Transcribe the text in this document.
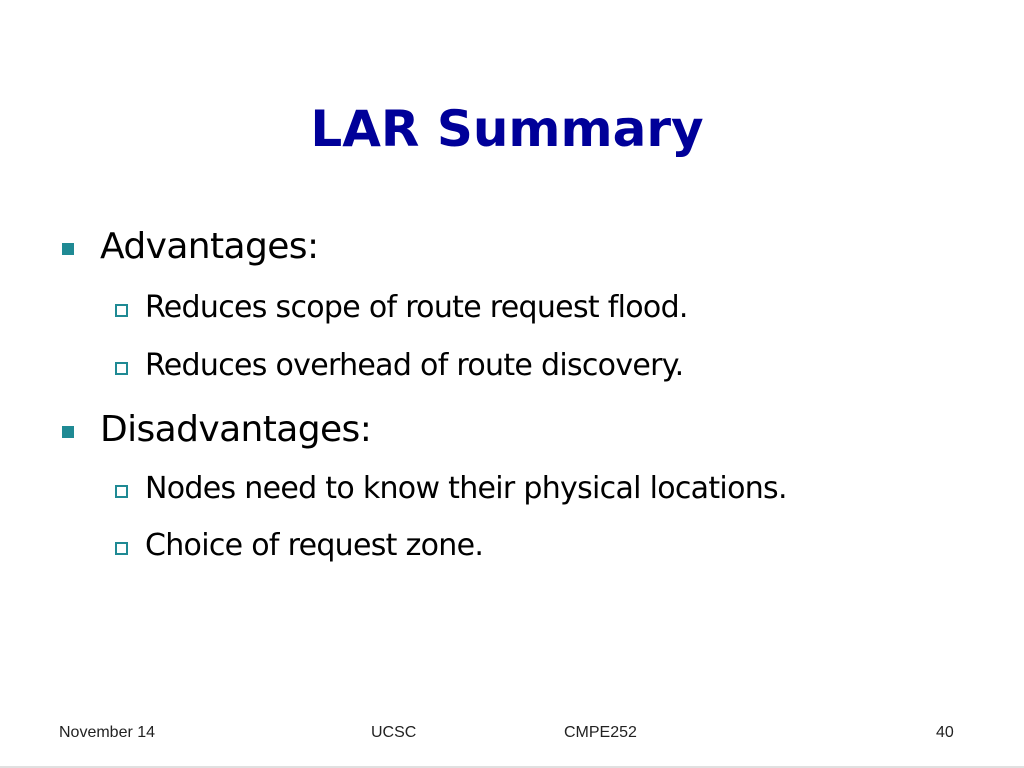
LAR Summary
Advantages:
Reduces scope of route request flood.
Reduces overhead of route discovery.
Disadvantages:
Nodes need to know their physical locations.
Choice of request zone.
November 14	UCSC	CMPE252	40
